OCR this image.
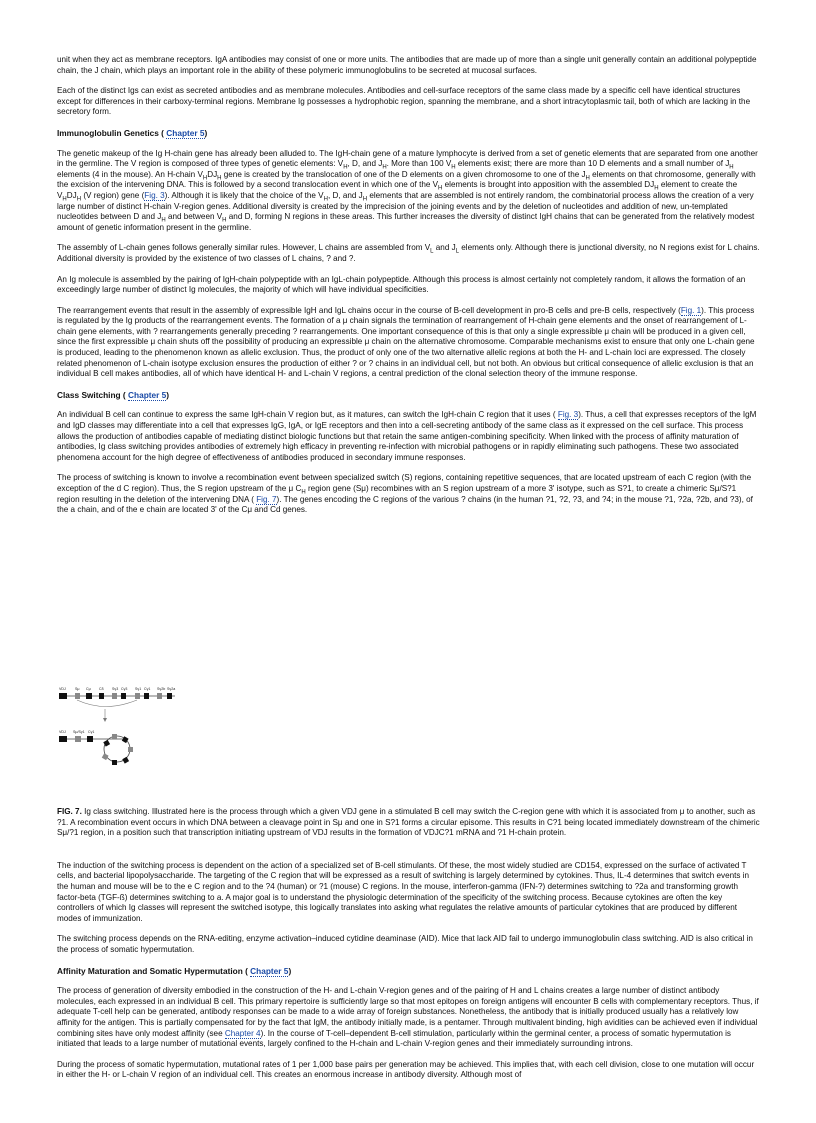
unit when they act as membrane receptors. IgA antibodies may consist of one or more units. The antibodies that are made up of more than a single unit generally contain an additional polypeptide chain, the J chain, which plays an important role in the ability of these polymeric immunoglobulins to be secreted at mucosal surfaces.

Each of the distinct Igs can exist as secreted antibodies and as membrane molecules. Antibodies and cell-surface receptors of the same class made by a specific cell have identical structures except for differences in their carboxy-terminal regions. Membrane Ig possesses a hydrophobic region, spanning the membrane, and a short intracytoplasmic tail, both of which are lacking in the secretory form.

Immunoglobulin Genetics ( Chapter 5)

The genetic makeup of the Ig H-chain gene has already been alluded to. The IgH-chain gene of a mature lymphocyte is derived from a set of genetic elements that are separated from one another in the germline. The V region is composed of three types of genetic elements: $V_H$, D, and $J_H$. More than 100 $V_H$ elements exist; there are more than 10 D elements and a small number of $J_H$ elements (4 in the mouse). An H-chain $V_HDJ_H$ gene is created by the translocation of one of the D elements on a given chromosome to one of the $J_H$ elements on that chromosome, generally with the excision of the intervening DNA. This is followed by a second translocation event in which one of the $V_H$ elements is brought into apposition with the assembled $DJ_H$ element to create the $V_HDJ_H$ (V region) gene (Fig. 3). Although it is likely that the choice of the $V_H$, D, and $J_H$ elements that are assembled is not entirely random, the combinatorial process allows the creation of a very large number of distinct H-chain V-region genes. Additional diversity is created by the imprecision of the joining events and by the deletion of nucleotides and addition of new, un-templated nucleotides between D and $J_H$ and between $V_H$ and D, forming N regions in these areas. This further increases the diversity of distinct IgH chains that can be generated from the relatively modest amount of genetic information present in the germline.

The assembly of L-chain genes follows generally similar rules. However, L chains are assembled from $V_L$ and $J_L$ elements only. Although there is junctional diversity, no N regions exist for L chains. Additional diversity is provided by the existence of two classes of L chains, ? and ?.

An Ig molecule is assembled by the pairing of IgH-chain polypeptide with an IgL-chain polypeptide. Although this process is almost certainly not completely random, it allows the formation of an exceedingly large number of distinct Ig molecules, the majority of which will have individual specificities.

The rearrangement events that result in the assembly of expressible IgH and IgL chains occur in the course of B-cell development in pro-B cells and pre-B cells, respectively (Fig. 1). This process is regulated by the Ig products of the rearrangement events. The formation of a μ chain signals the termination of rearrangement of H-chain gene elements and the onset of rearrangement of L-chain gene elements, with ? rearrangements generally preceding ? rearrangements. One important consequence of this is that only a single expressible μ chain will be produced in a given cell, since the first expressible μ chain shuts off the possibility of producing an expressible μ chain on the alternative chromosome. Comparable mechanisms exist to ensure that only one L-chain gene is produced, leading to the phenomenon known as allelic exclusion. Thus, the product of only one of the two alternative allelic regions at both the H- and L-chain loci are expressed. The closely related phenomenon of L-chain isotype exclusion ensures the production of either ? or ? chains in an individual cell, but not both. An obvious but critical consequence of allelic exclusion is that an individual B cell makes antibodies, all of which have identical H- and L-chain V regions, a central prediction of the clonal selection theory of the immune response.

Class Switching ( Chapter 5)

An individual B cell can continue to express the same IgH-chain V region but, as it matures, can switch the IgH-chain C region that it uses ( Fig. 3). Thus, a cell that expresses receptors of the IgM and IgD classes may differentiate into a cell that expresses IgG, IgA, or IgE receptors and then into a cell-secreting antibody of the same class as it expressed on the cell surface. This process allows the production of antibodies capable of mediating distinct biologic functions but that retain the same antigen-combining specificity. When linked with the process of affinity maturation of antibodies, Ig class switching provides antibodies of extremely high efficacy in preventing re-infection with microbial pathogens or in rapidly eliminating such pathogens. These two associated phenomena account for the high degree of effectiveness of antibodies produced in secondary immune responses.

The process of switching is known to involve a recombination event between specialized switch (S) regions, containing repetitive sequences, that are located upstream of each C region (with the exception of the d C region). Thus, the S region upstream of the μ $C_H$ region gene (Sμ) recombines with an S region upstream of a more 3' isotype, such as S?1, to create a chimeric Sμ/S?1 region resulting in the deletion of the intervening DNA ( Fig. 7). The genes encoding the C regions of the various ? chains (in the human ?1, ?2, ?3, and ?4; in the mouse ?1, ?2a, ?2b, and ?3), of the a chain, and of the e chain are located 3' of the Cμ and Cd genes.

VDJ	Sμ Cμ Cδ Sγ3 Cγ3 Sγ1 Cγ1 Sγ2b Sγ2a
VDJ Sμ/Sγ1 Cγ1

FIG. 7. Ig class switching. Illustrated here is the process through which a given VDJ gene in a stimulated B cell may switch the C-region gene with which it is associated from μ to another, such as ?1. A recombination event occurs in which DNA between a cleavage point in Sμ and one in S?1 forms a circular episome. This results in C?1 being located immediately downstream of the chimeric Sμ/?1 region, in a position such that transcription initiating upstream of VDJ results in the formation of VDJC?1 mRNA and ?1 H-chain protein.

The induction of the switching process is dependent on the action of a specialized set of B-cell stimulants. Of these, the most widely studied are CD154, expressed on the surface of activated T cells, and bacterial lipopolysaccharide. The targeting of the C region that will be expressed as a result of switching is largely determined by cytokines. Thus, IL-4 determines that switch events in the human and mouse will be to the e C region and to the ?4 (human) or ?1 (mouse) C regions. In the mouse, interferon-gamma (IFN-?) determines switching to ?2a and transforming growth factor-beta (TGF-ß) determines switching to a. A major goal is to understand the physiologic determination of the specificity of the switching process. Because cytokines are often the key controllers of which Ig classes will represent the switched isotype, this logically translates into asking what regulates the relative amounts of particular cytokines that are produced by different modes of immunization.

The switching process depends on the RNA-editing, enzyme activation–induced cytidine deaminase (AID). Mice that lack AID fail to undergo immunoglobulin class switching. AID is also critical in the process of somatic hypermutation.

Affinity Maturation and Somatic Hypermutation ( Chapter 5)

The process of generation of diversity embodied in the construction of the H- and L-chain V-region genes and of the pairing of H and L chains creates a large number of distinct antibody molecules, each expressed in an individual B cell. This primary repertoire is sufficiently large so that most epitopes on foreign antigens will encounter B cells with complementary receptors. Thus, if adequate T-cell help can be generated, antibody responses can be made to a wide array of foreign substances. Nonetheless, the antibody that is initially produced usually has a relatively low affinity for the antigen. This is partially compensated for by the fact that IgM, the antibody initially made, is a pentamer. Through multivalent binding, high avidities can be achieved even if individual combining sites have only modest affinity (see Chapter 4). In the course of T-cell–dependent B-cell stimulation, particularly within the germinal center, a process of somatic hypermutation is initiated that leads to a large number of mutational events, largely confined to the H-chain and L-chain V-region genes and their immediately surrounding introns.

During the process of somatic hypermutation, mutational rates of 1 per 1,000 base pairs per generation may be achieved. This implies that, with each cell division, close to one mutation will occur in either the H- or L-chain V region of an individual cell. This creates an enormous increase in antibody diversity. Although most of
